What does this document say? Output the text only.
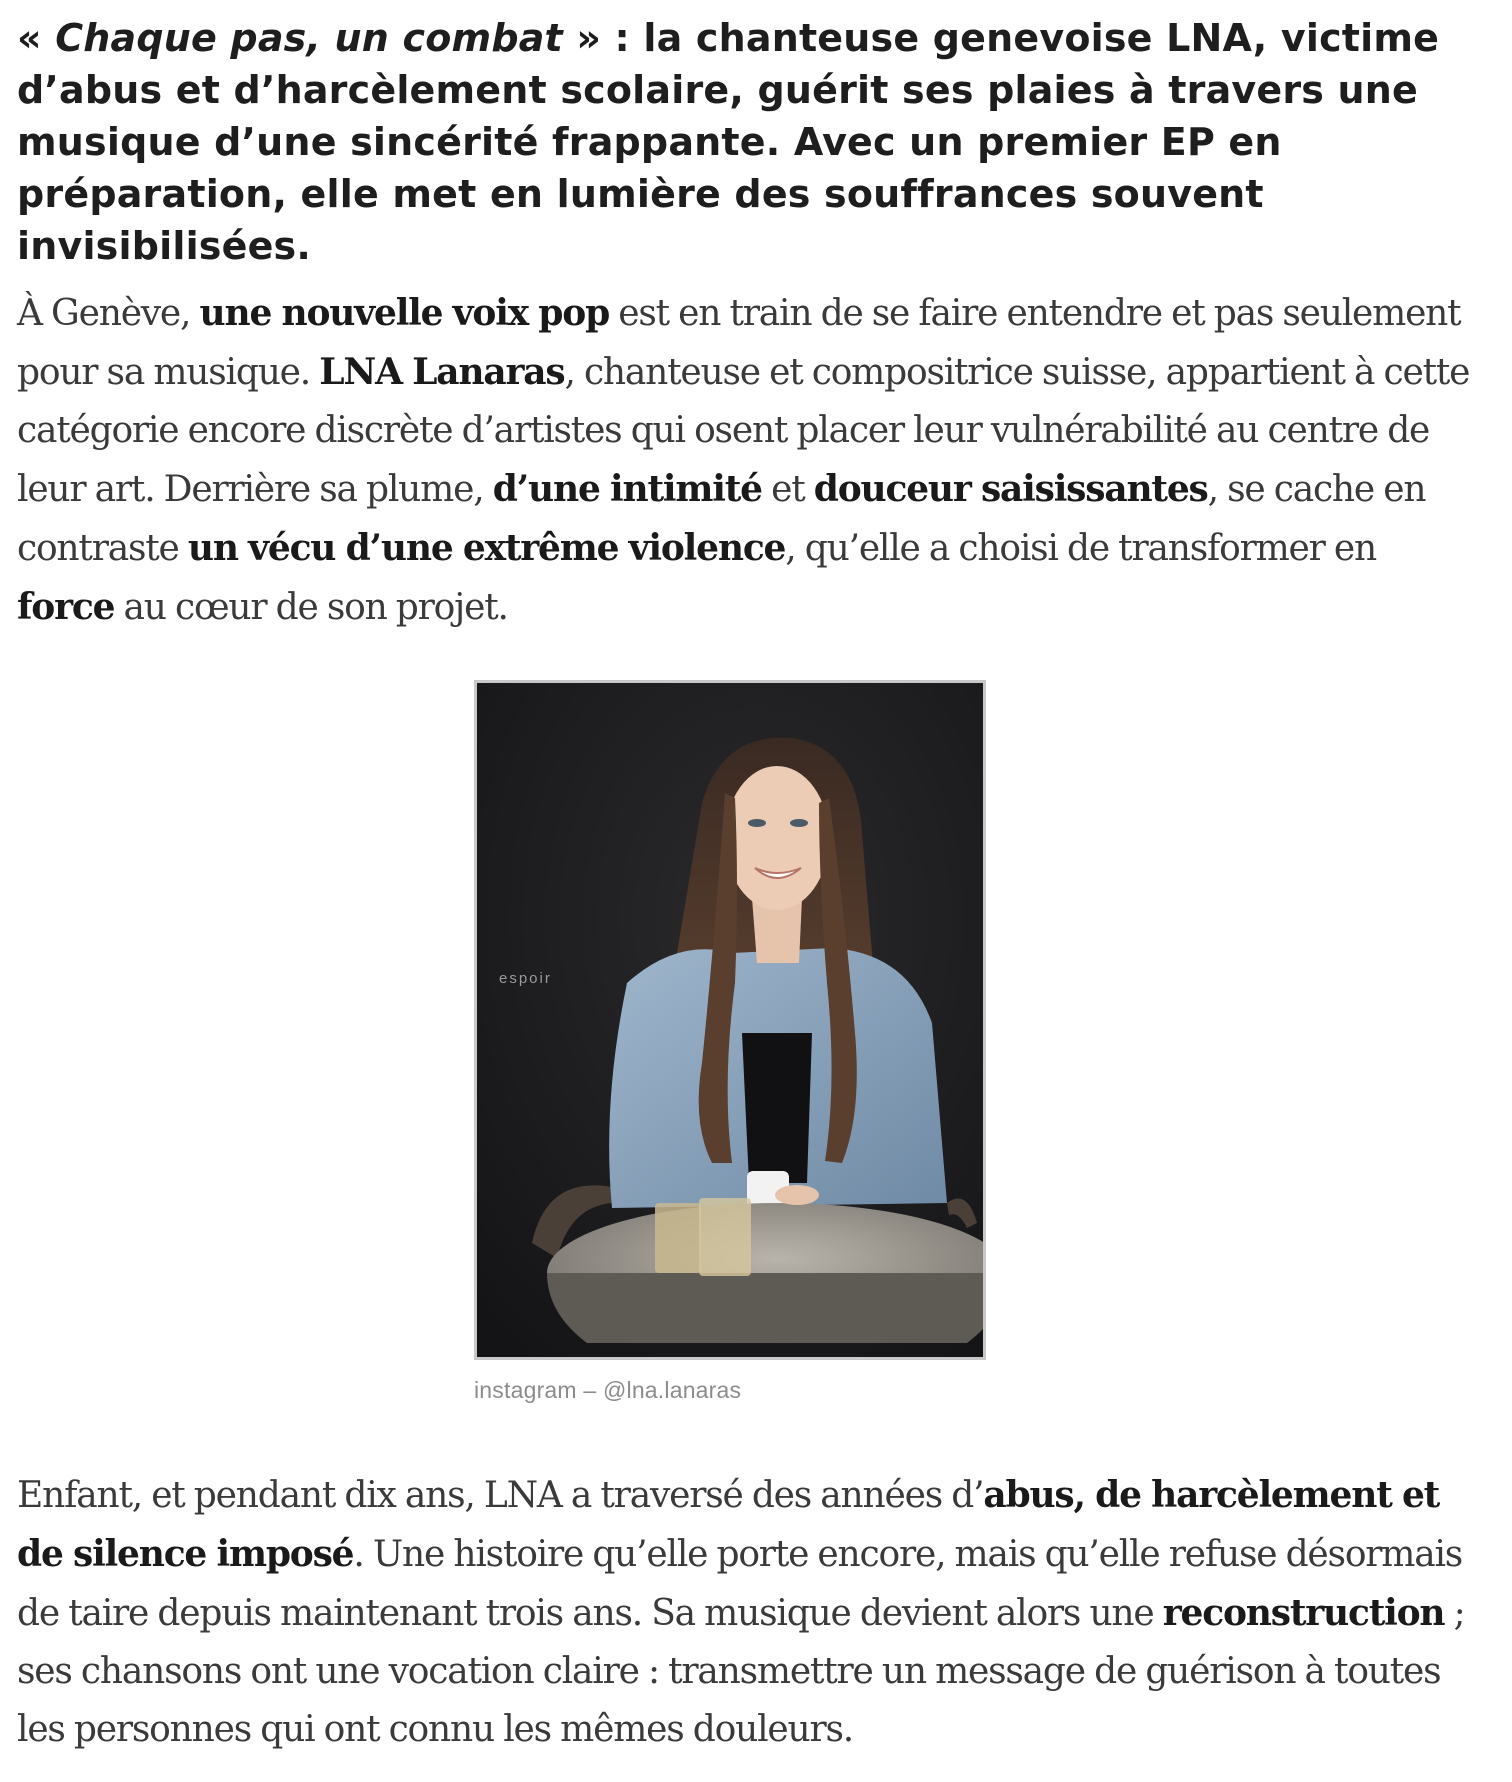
« Chaque pas, un combat » : la chanteuse genevoise LNA, victime d’abus et d’harcèlement scolaire, guérit ses plaies à travers une musique d’une sincérité frappante. Avec un premier EP en préparation, elle met en lumière des souffrances souvent invisibilisées.

À Genève, une nouvelle voix pop est en train de se faire entendre et pas seulement pour sa musique. LNA Lanaras, chanteuse et compositrice suisse, appartient à cette catégorie encore discrète d’artistes qui osent placer leur vulnérabilité au centre de leur art. Derrière sa plume, d’une intimité et douceur saisissantes, se cache en contraste un vécu d’une extrême violence, qu’elle a choisi de transformer en force au cœur de son projet.

espoir
instagram – @lna.lanaras

Enfant, et pendant dix ans, LNA a traversé des années d’abus, de harcèlement et de silence imposé. Une histoire qu’elle porte encore, mais qu’elle refuse désormais de taire depuis maintenant trois ans. Sa musique devient alors une reconstruction ; ses chansons ont une vocation claire : transmettre un message de guérison à toutes les personnes qui ont connu les mêmes douleurs.
